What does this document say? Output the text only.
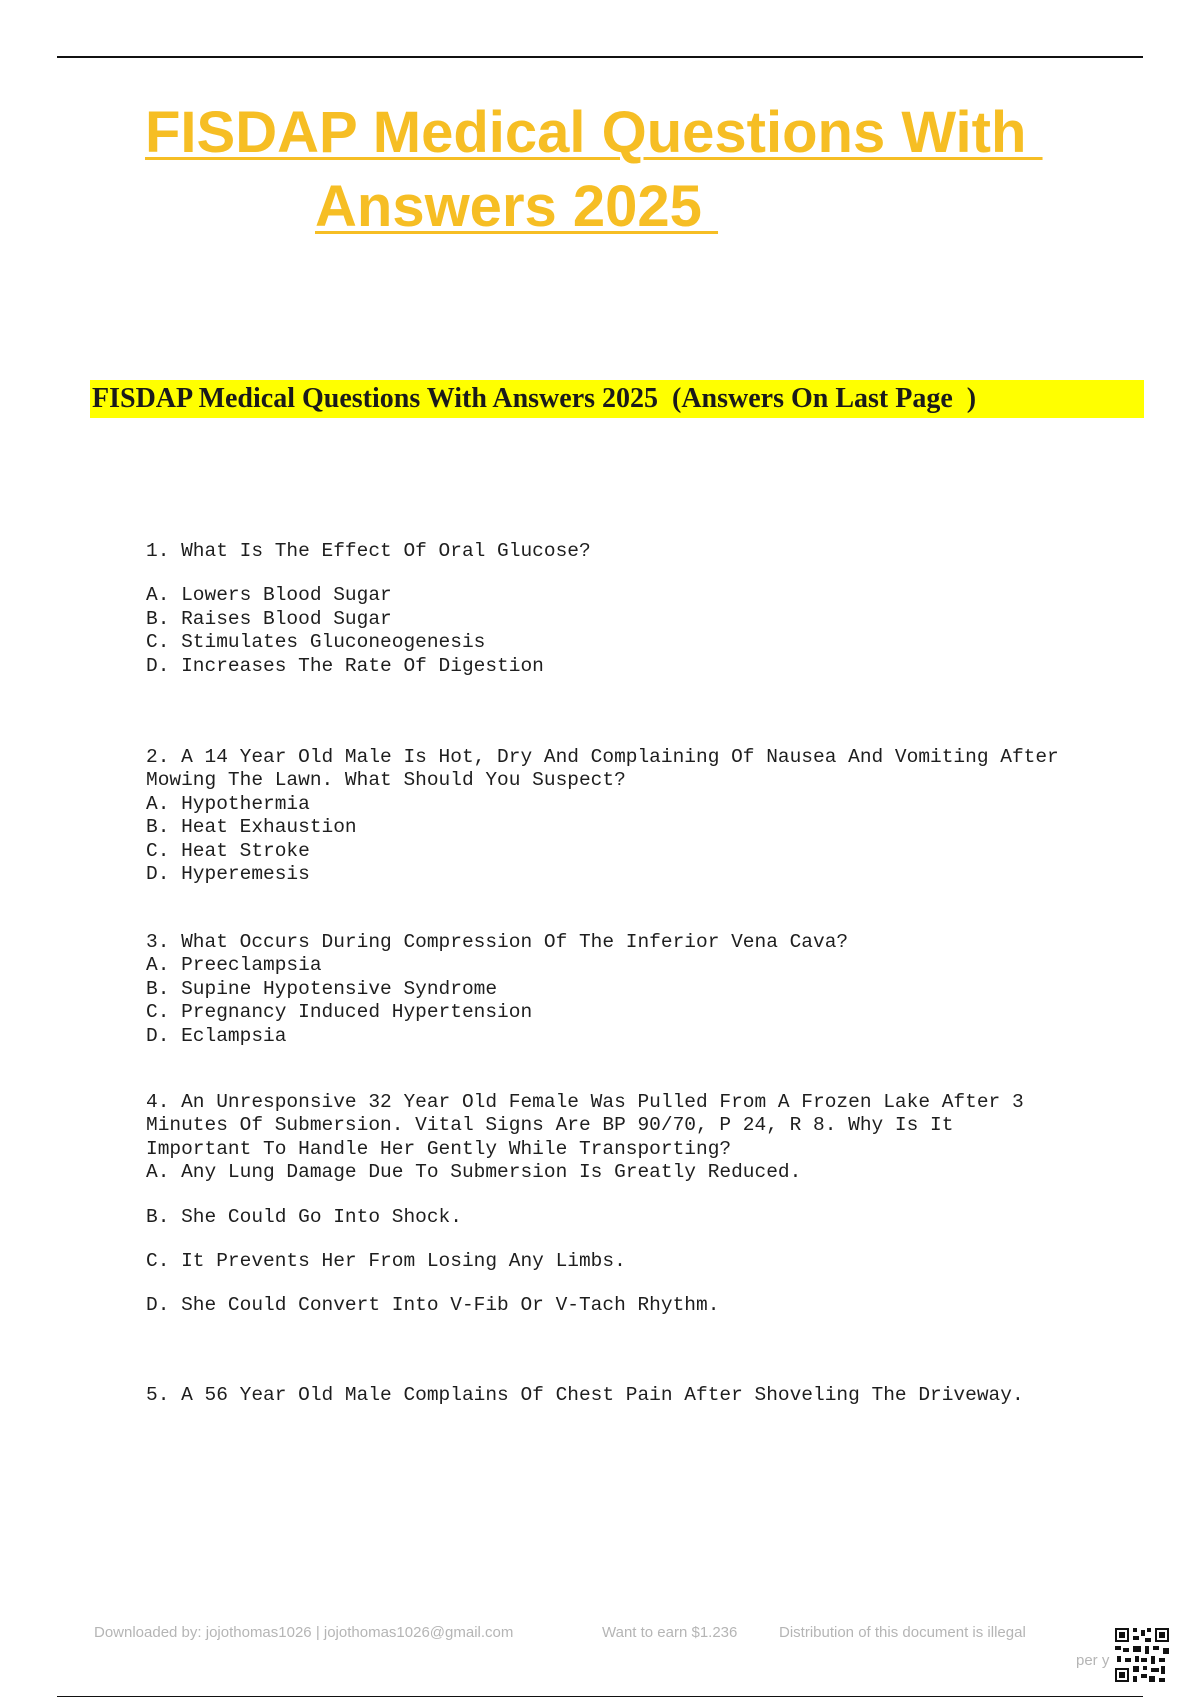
FISDAP Medical Questions With
Answers 2025
FISDAP Medical Questions With Answers 2025  (Answers On Last Page  )

1. What Is The Effect Of Oral Glucose?

A. Lowers Blood Sugar

B. Raises Blood Sugar

C. Stimulates Gluconeogenesis

D. Increases The Rate Of Digestion

2. A 14 Year Old Male Is Hot, Dry And Complaining Of Nausea And Vomiting After

Mowing The Lawn. What Should You Suspect?

A. Hypothermia

B. Heat Exhaustion

C. Heat Stroke

D. Hyperemesis

3. What Occurs During Compression Of The Inferior Vena Cava?

A. Preeclampsia

B. Supine Hypotensive Syndrome

C. Pregnancy Induced Hypertension

D. Eclampsia

4. An Unresponsive 32 Year Old Female Was Pulled From A Frozen Lake After 3

Minutes Of Submersion. Vital Signs Are BP 90/70, P 24, R 8. Why Is It

Important To Handle Her Gently While Transporting?

A. Any Lung Damage Due To Submersion Is Greatly Reduced.

B. She Could Go Into Shock.

C. It Prevents Her From Losing Any Limbs.

D. She Could Convert Into V-Fib Or V-Tach Rhythm.

5. A 56 Year Old Male Complains Of Chest Pain After Shoveling The Driveway.

Downloaded by: jojothomas1026 | jojothomas1026@gmail.com	Want to earn $1.236	Distribution of this document is illegal
per y
